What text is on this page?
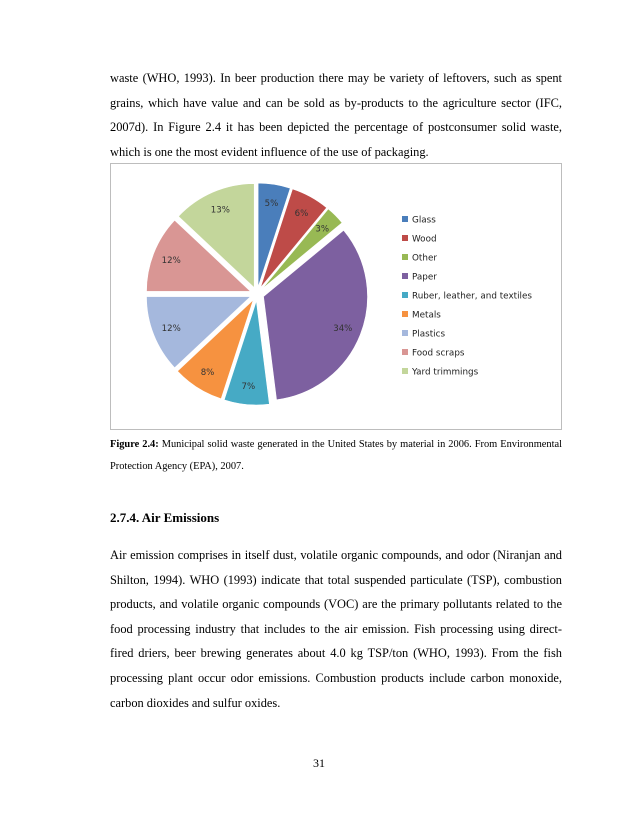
waste (WHO, 1993). In beer production there may be variety of leftovers, such as spent grains, which have value and can be sold as by-products to the agriculture sector (IFC, 2007d). In Figure 2.4 it has been depicted the percentage of postconsumer solid waste, which is one the most evident influence of the use of packaging.

5%
6%
3%
34%
7%
8%
12%
12%
13%
Glass
Wood
Other
Paper
Ruber, leather, and textiles
Metals
Plastics
Food scraps
Yard trimmings

Figure 2.4: Municipal solid waste generated in the United States by material in 2006. From Environmental Protection Agency (EPA), 2007.

2.7.4. Air Emissions

Air emission comprises in itself dust, volatile organic compounds, and odor (Niranjan and Shilton, 1994). WHO (1993) indicate that total suspended particulate (TSP), combustion products, and volatile organic compounds (VOC) are the primary pollutants related to the food processing industry that includes to the air emission. Fish processing using direct-fired driers, beer brewing generates about 4.0 kg TSP/ton (WHO, 1993). From the fish processing plant occur odor emissions. Combustion products include carbon monoxide, carbon dioxides and sulfur oxides.

31
